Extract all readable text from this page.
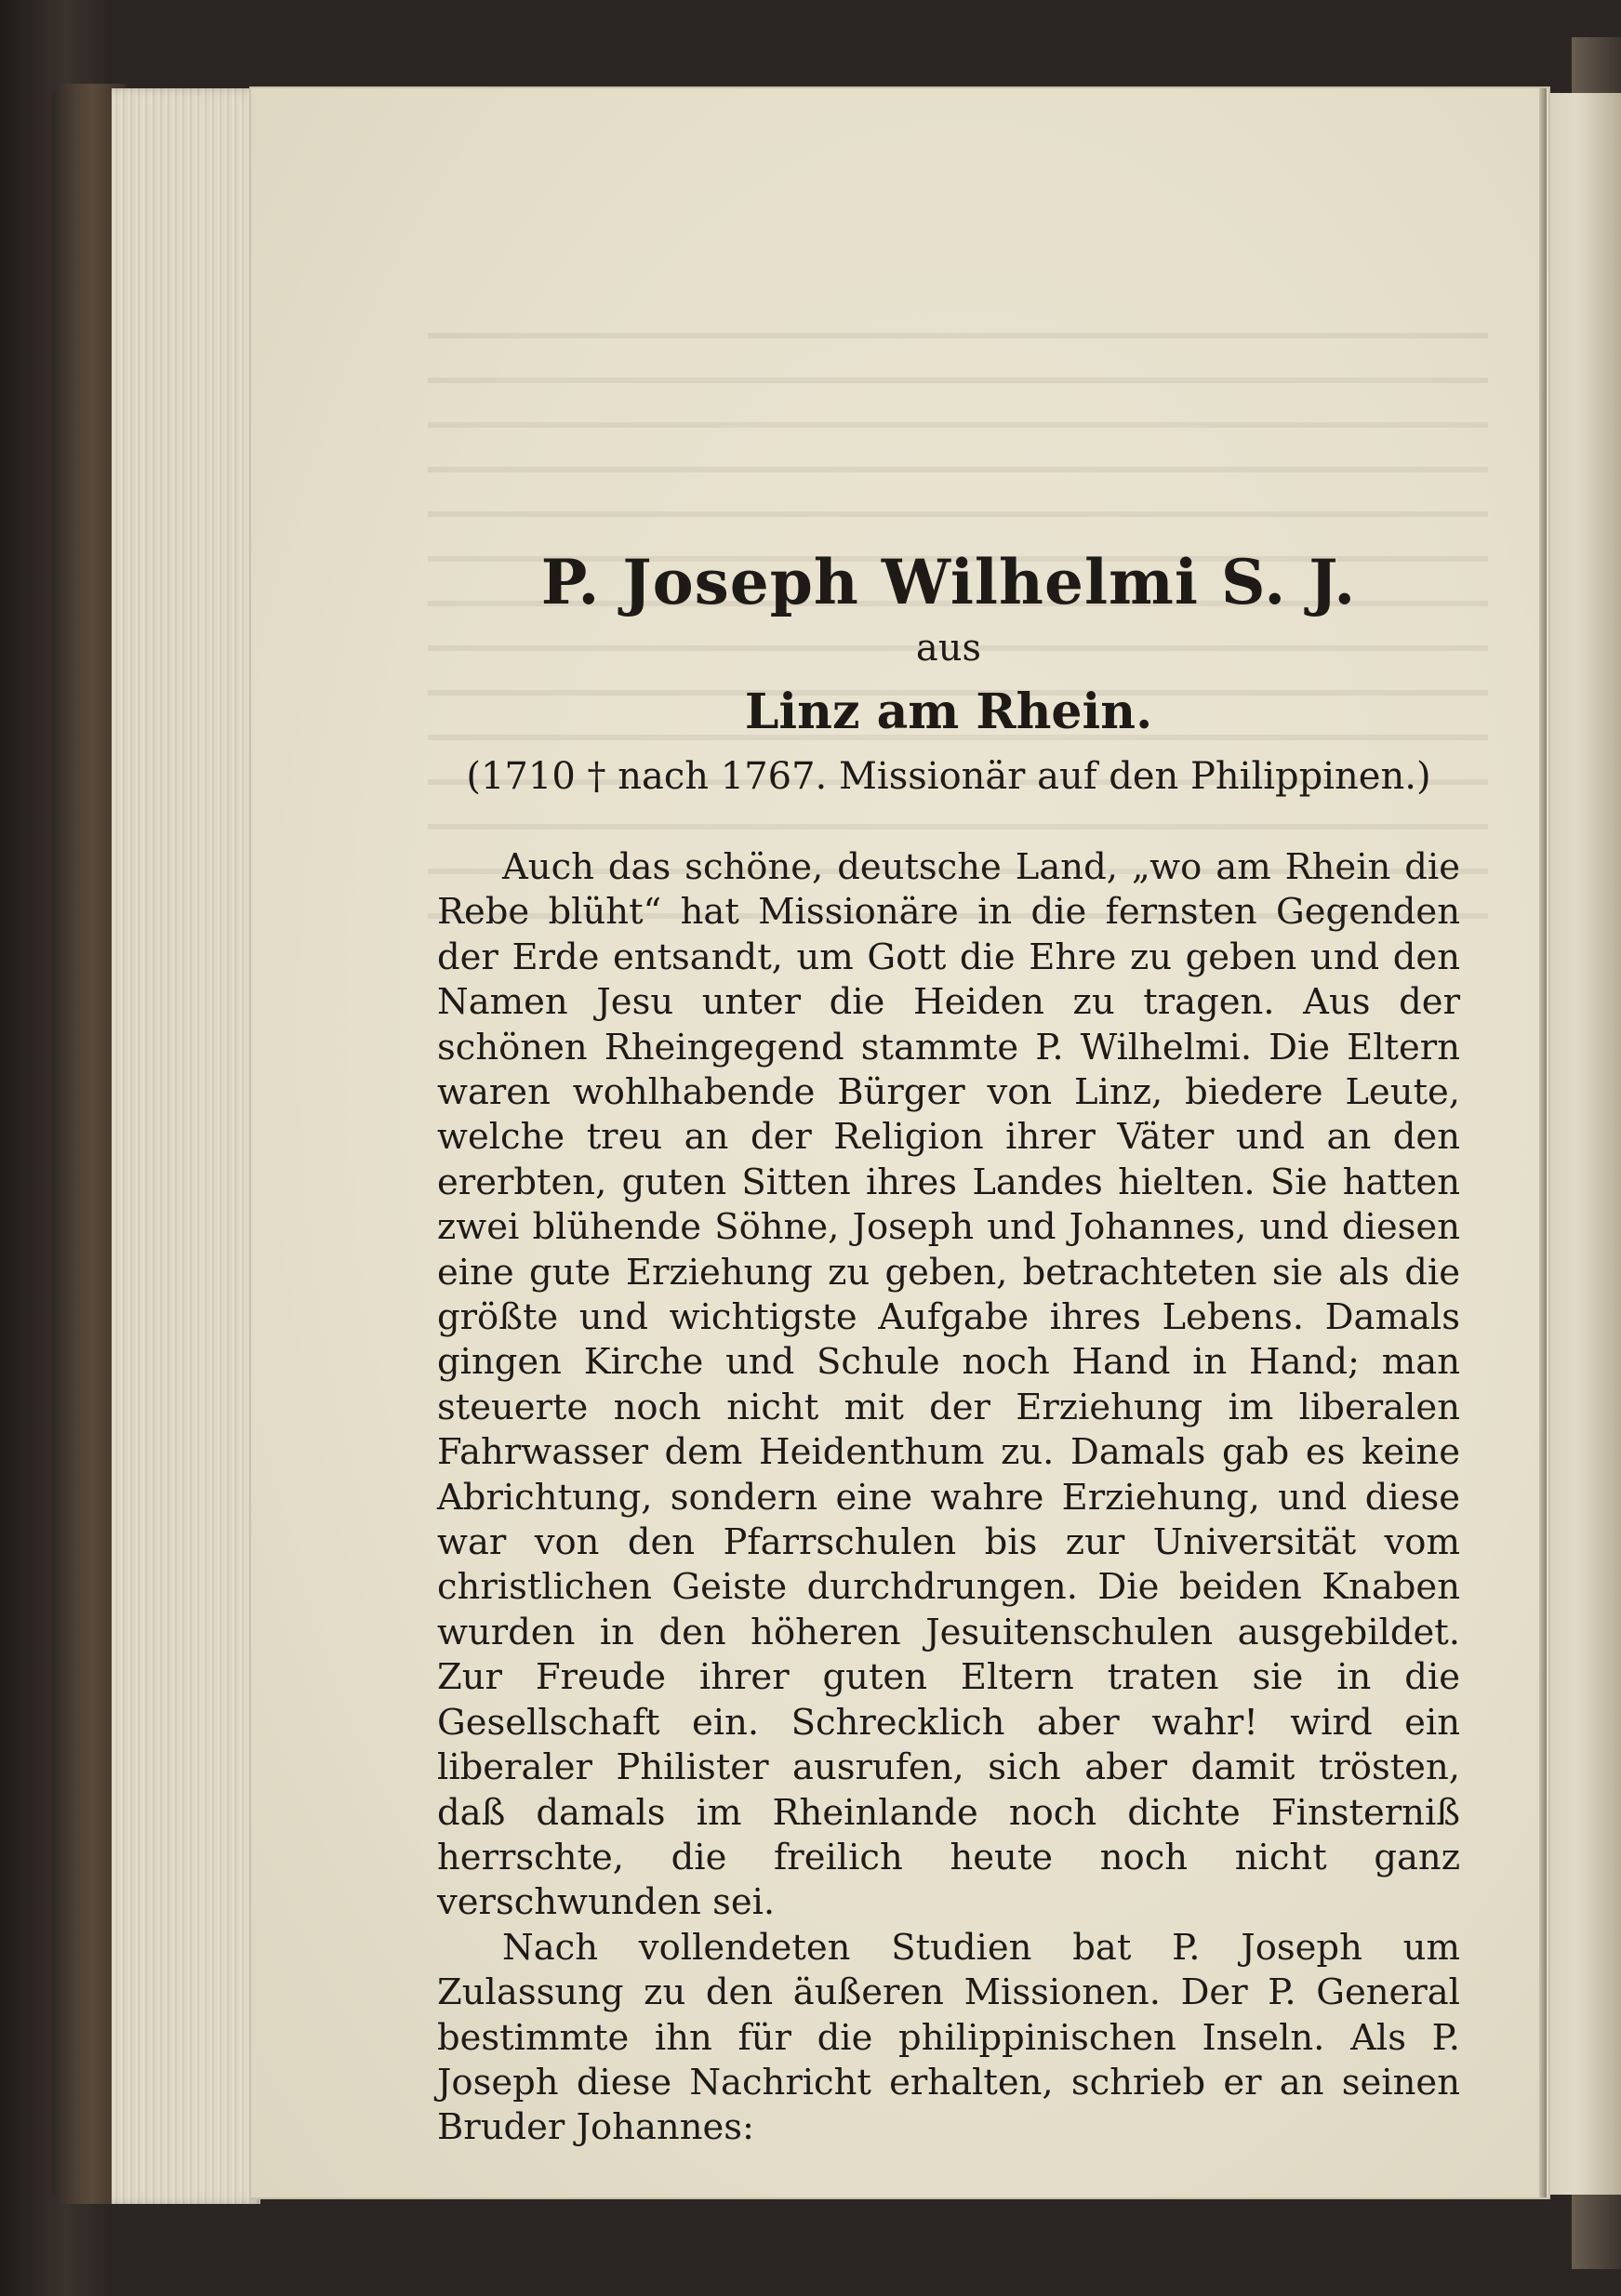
P. Joseph Wilhelmi S. J.
aus
Linz am Rhein.
(1710 † nach 1767. Missionär auf den Philippinen.)

Auch das schöne, deutsche Land, „wo am Rhein die Rebe blüht“ hat Missionäre in die fernsten Gegenden der Erde entsandt, um Gott die Ehre zu geben und den Namen Jesu unter die Heiden zu tragen. Aus der schönen Rheingegend stammte P. Wilhelmi. Die Eltern waren wohlhabende Bürger von Linz, biedere Leute, welche treu an der Religion ihrer Väter und an den ererbten, guten Sitten ihres Landes hielten. Sie hatten zwei blühende Söhne, Joseph und Johannes, und diesen eine gute Erziehung zu geben, betrachteten sie als die größte und wichtigste Aufgabe ihres Lebens. Damals gingen Kirche und Schule noch Hand in Hand; man steuerte noch nicht mit der Erziehung im liberalen Fahrwasser dem Heidenthum zu. Damals gab es keine Abrichtung, sondern eine wahre Erziehung, und diese war von den Pfarrschulen bis zur Universität vom christlichen Geiste durchdrungen. Die beiden Knaben wurden in den höheren Jesuitenschulen ausgebildet. Zur Freude ihrer guten Eltern traten sie in die Gesellschaft ein. Schrecklich aber wahr! wird ein liberaler Philister ausrufen, sich aber damit trösten, daß damals im Rheinlande noch dichte Finsterniß herrschte, die freilich heute noch nicht ganz verschwunden sei.

Nach vollendeten Studien bat P. Joseph um Zulassung zu den äußeren Missionen. Der P. General bestimmte ihn für die philippinischen Inseln. Als P. Joseph diese Nachricht erhalten, schrieb er an seinen Bruder Johannes:
